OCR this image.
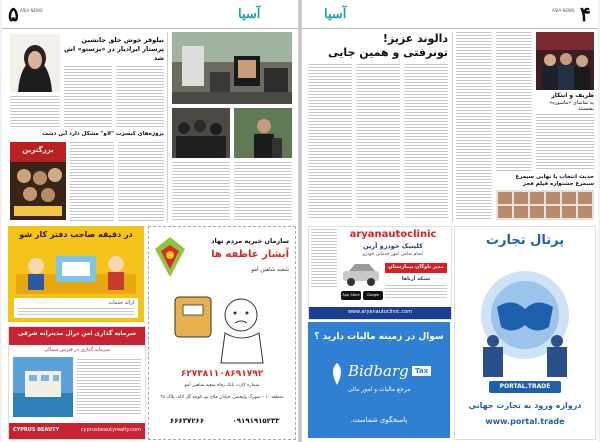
۵ ASIA NEWS	آسیا
نیلوفر خوش خلق جانشین پرستار ایرادیار در «پرستو» اش شد
پروژه‌های کنسرت "لاو" مشکل دارد آین دشت
بزرگترین
در دقیقه صاحب دفتر کار شو
ارائه خدمات
سرمایه گذاری امن درال مدیترانه شرقی
سرمایه گذاری در قبرس شمالی
CYPRUS BEAUTY	cyprusbeautyrealty.com
سازمان خیریه مردم نهاد
آبشار عاطفه ها
شعبه شاهین آمو
۶۲۷۳۸۱۱۰۸۶۹۱۷۹۲
شماره کارت بانک رفاه شعبه شاهین آمو
منطقه ۱۰ - شهرک ولیعصر، خیابان فلاح نو، کوچه گل لاله، پلاک ۳۸
۶۶۶۳۷۲۶۶	۰۹۱۹۱۹۱۵۲۳۳
آسیا	ASIA NEWS ۴
دالوند عزیز!
تونرفتی و همین جایی
ظریف و ابتکار
به تماشای «ماسوره» نشستند
حدیث انتخاب یا نهایی سیمرغ
سیمرغ جشنواره فیلم فجر
aryanautoclinic
کلینیک خودرو آرین
انجام تمامی امور خدماتی خودرو
مدیر ناوگان بیمارستان
شبکه آریاها
App Store	Google Play
www.aryanautoclinic.com
سوال در زمینه مالیات دارید ؟
Bidbarg Tax
مرجع مالیات و امور مالی
پاسخگوی شماست.
پرتال تجارت
PORTAL.TRADE
دروازه ورود به تجارت جهانی
www.portal.trade
